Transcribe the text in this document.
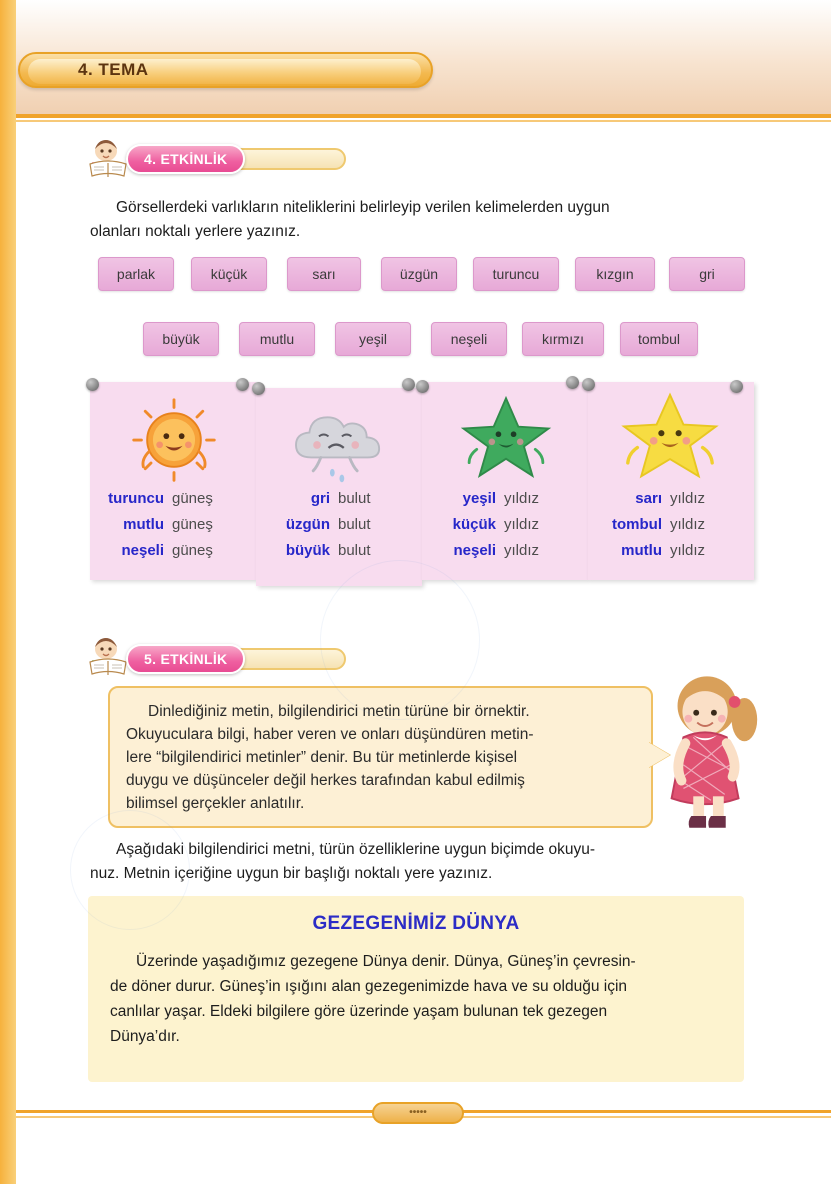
4. TEMA
4. ETKİNLİK
Görsellerdeki varlıkların niteliklerini belirleyip verilen kelimelerden uygun
olanları noktalı yerlere yazınız.
parlak	küçük	sarı	üzgün	turuncu	kızgın	gri
büyük	mutlu	yeşil	neşeli	kırmızı	tombul
turuncu güneş
mutlu güneş
neşeli güneş
gri bulut
üzgün bulut
büyük bulut
yeşil yıldız
küçük yıldız
neşeli yıldız
sarı yıldız
tombul yıldız
mutlu yıldız
5. ETKİNLİK

Dinlediğiniz metin, bilgilendirici metin türüne bir örnektir.
Okuyuculara bilgi, haber veren ve onları düşündüren metin-
lere “bilgilendirici metinler” denir. Bu tür metinlerde kişisel
duygu ve düşünceler değil herkes tarafından kabul edilmiş
bilimsel gerçekler anlatılır.

Aşağıdaki bilgilendirici metni, türün özelliklerine uygun biçimde okuyu-
nuz. Metnin içeriğine uygun bir başlığı noktalı yere yazınız.
GEZEGENİMİZ DÜNYA

Üzerinde yaşadığımız gezegene Dünya denir. Dünya, Güneş’in çevresin-
de döner durur. Güneş’in ışığını alan gezegenimizde hava ve su olduğu için
canlılar yaşar. Eldeki bilgilere göre üzerinde yaşam bulunan tek gezegen
Dünya’dır.

•••••
